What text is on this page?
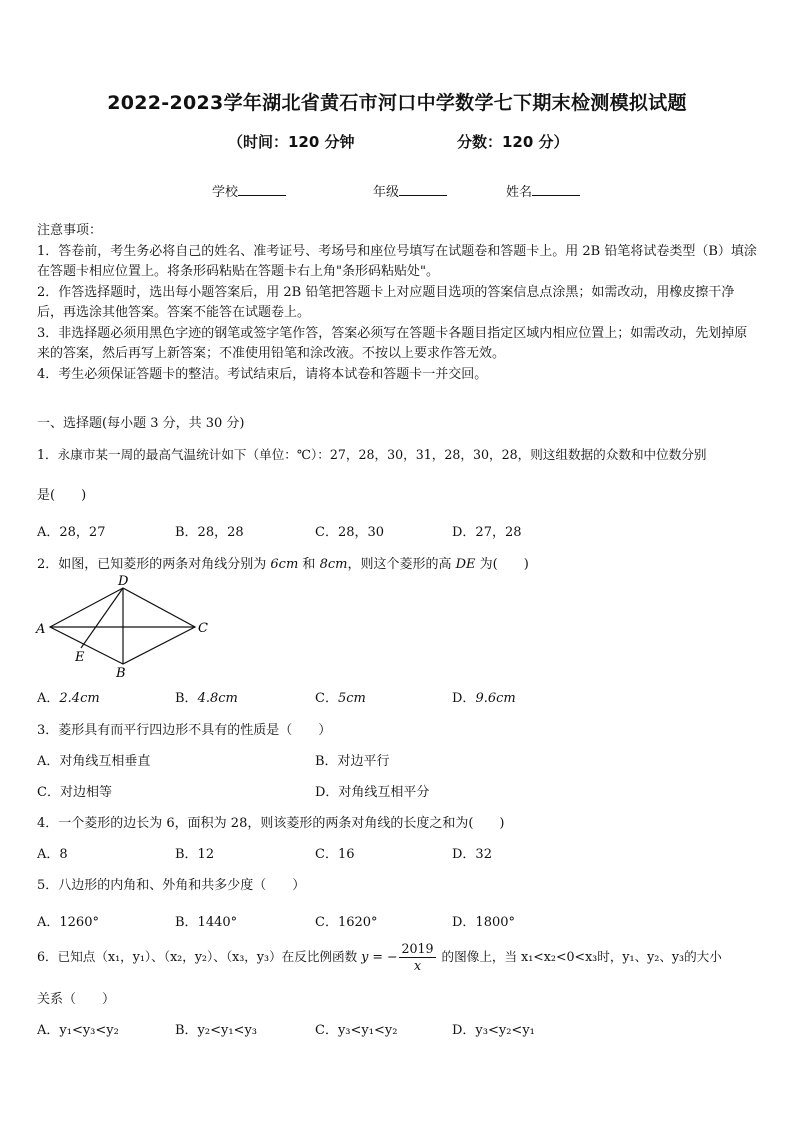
2022-2023学年湖北省黄石市河口中学数学七下期末检测模拟试题
（时间：120 分钟	分数：120 分）
学校	年级	姓名

注意事项：

1．答卷前，考生务必将自己的姓名、准考证号、考场号和座位号填写在试题卷和答题卡上。用 2B 铅笔将试卷类型（B）填涂在答题卡相应位置上。将条形码粘贴在答题卡右上角"条形码粘贴处"。

2．作答选择题时，选出每小题答案后，用 2B 铅笔把答题卡上对应题目选项的答案信息点涂黑；如需改动，用橡皮擦干净后，再选涂其他答案。答案不能答在试题卷上。

3．非选择题必须用黑色字迹的钢笔或签字笔作答，答案必须写在答题卡各题目指定区域内相应位置上；如需改动，先划掉原来的答案，然后再写上新答案；不准使用铅笔和涂改液。不按以上要求作答无效。

4．考生必须保证答题卡的整洁。考试结束后，请将本试卷和答题卡一并交回。

一、选择题(每小题 3 分，共 30 分)
1．永康市某一周的最高气温统计如下（单位：℃）：27，28，30，31，28，30，28，则这组数据的众数和中位数分别
是(　　)
A．28，27	B．28，28	C．28，30	D．27，28
2．如图，已知菱形的两条对角线分别为 6cm 和 8cm，则这个菱形的高 DE 为(　　)
A
D
C
B
E
A．2.4cm	B．4.8cm	C．5cm	D．9.6cm
3．菱形具有而平行四边形不具有的性质是（　　）
A．对角线互相垂直	B．对边平行
C．对边相等	D．对角线互相平分
4．一个菱形的边长为 6，面积为 28，则该菱形的两条对角线的长度之和为(　　)
A．8	B．12	C．16	D．32
5．八边形的内角和、外角和共多少度（　　）
A．1260°	B．1440°	C．1620°	D．1800°
6．已知点（x₁，y₁）、（x₂，y₂）、（x₃，y₃）在反比例函数 y = − $\frac{2019}{x}$ 的图像上，当 x₁<x₂<0<x₃时，y₁、y₂、y₃的大小
关系（　　）
A．y₁<y₃<y₂	B．y₂<y₁<y₃	C．y₃<y₁<y₂	D．y₃<y₂<y₁
